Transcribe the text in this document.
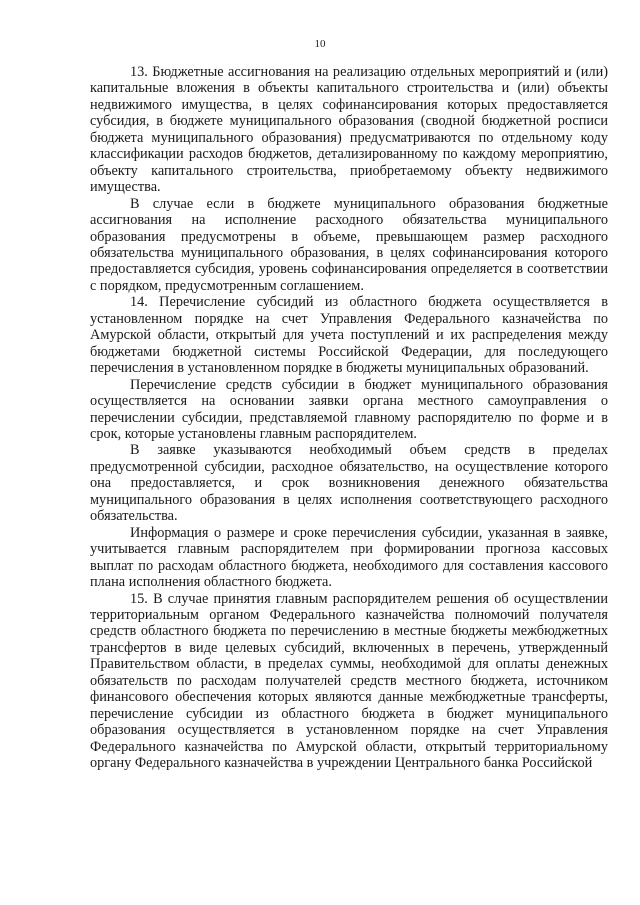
10

13. Бюджетные ассигнования на реализацию отдельных мероприятий и (или) капитальные вложения в объекты капитального строительства и (или) объекты недвижимого имущества, в целях софинансирования которых предоставляется субсидия, в бюджете муниципального образования (сводной бюджетной росписи бюджета муниципального образования) предусматриваются по отдельному коду классификации расходов бюджетов, детализированному по каждому мероприятию, объекту капитального строительства, приобретаемому объекту недвижимого имущества.

В случае если в бюджете муниципального образования бюджетные ассигнования на исполнение расходного обязательства муниципального образования предусмотрены в объеме, превышающем размер расходного обязательства муниципального образования, в целях софинансирования которого предоставляется субсидия, уровень софинансирования определяется в соответствии с порядком, предусмотренным соглашением.

14. Перечисление субсидий из областного бюджета осуществляется в установленном порядке на счет Управления Федерального казначейства по Амурской области, открытый для учета поступлений и их распределения между бюджетами бюджетной системы Российской Федерации, для последующего перечисления в установленном порядке в бюджеты муниципальных образований.

Перечисление средств субсидии в бюджет муниципального образования осуществляется на основании заявки органа местного самоуправления о перечислении субсидии, представляемой главному распорядителю по форме и в срок, которые установлены главным распорядителем.

В заявке указываются необходимый объем средств в пределах предусмотренной субсидии, расходное обязательство, на осуществление которого она предоставляется, и срок возникновения денежного обязательства муниципального образования в целях исполнения соответствующего расходного обязательства.

Информация о размере и сроке перечисления субсидии, указанная в заявке, учитывается главным распорядителем при формировании прогноза кассовых выплат по расходам областного бюджета, необходимого для составления кассового плана исполнения областного бюджета.

15. В случае принятия главным распорядителем решения об осуществлении территориальным органом Федерального казначейства полномочий получателя средств областного бюджета по перечислению в местные бюджеты межбюджетных трансфертов в виде целевых субсидий, включенных в перечень, утвержденный Правительством области, в пределах суммы, необходимой для оплаты денежных обязательств по расходам получателей средств местного бюджета, источником финансового обеспечения которых являются данные межбюджетные трансферты, перечисление субсидии из областного бюджета в бюджет муниципального образования осуществляется в установленном порядке на счет Управления Федерального казначейства по Амурской области, открытый территориальному органу Федерального казначейства в учреждении Центрального банка Российской
